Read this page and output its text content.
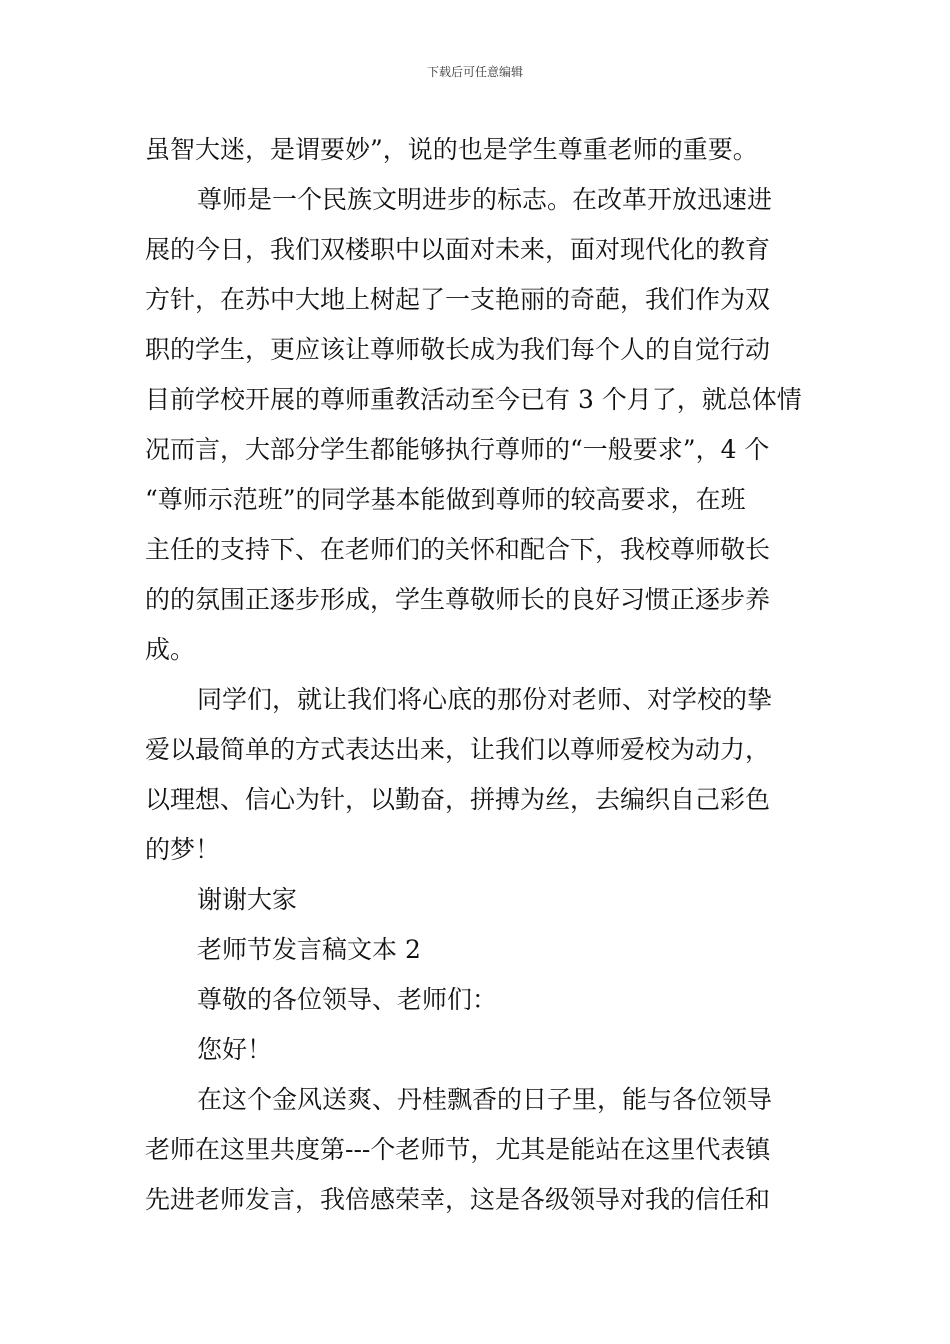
下载后可任意编辑
虽智大迷，是谓要妙”，说的也是学生尊重老师的重要。
尊师是一个民族文明进步的标志。在改革开放迅速进
展的今日，我们双楼职中以面对未来，面对现代化的教育
方针，在苏中大地上树起了一支艳丽的奇葩，我们作为双
职的学生，更应该让尊师敬长成为我们每个人的自觉行动
目前学校开展的尊师重教活动至今已有 3 个月了，就总体情
况而言，大部分学生都能够执行尊师的“一般要求”，4 个
“尊师示范班”的同学基本能做到尊师的较高要求，在班
主任的支持下、在老师们的关怀和配合下，我校尊师敬长
的的氛围正逐步形成，学生尊敬师长的良好习惯正逐步养
成。
同学们，就让我们将心底的那份对老师、对学校的挚
爱以最简单的方式表达出来，让我们以尊师爱校为动力，
以理想、信心为针，以勤奋，拼搏为丝，去编织自己彩色
的梦！
谢谢大家
老师节发言稿文本 2
尊敬的各位领导、老师们：
您好！
在这个金风送爽、丹桂飘香的日子里，能与各位领导
老师在这里共度第---个老师节，尤其是能站在这里代表镇
先进老师发言，我倍感荣幸，这是各级领导对我的信任和
